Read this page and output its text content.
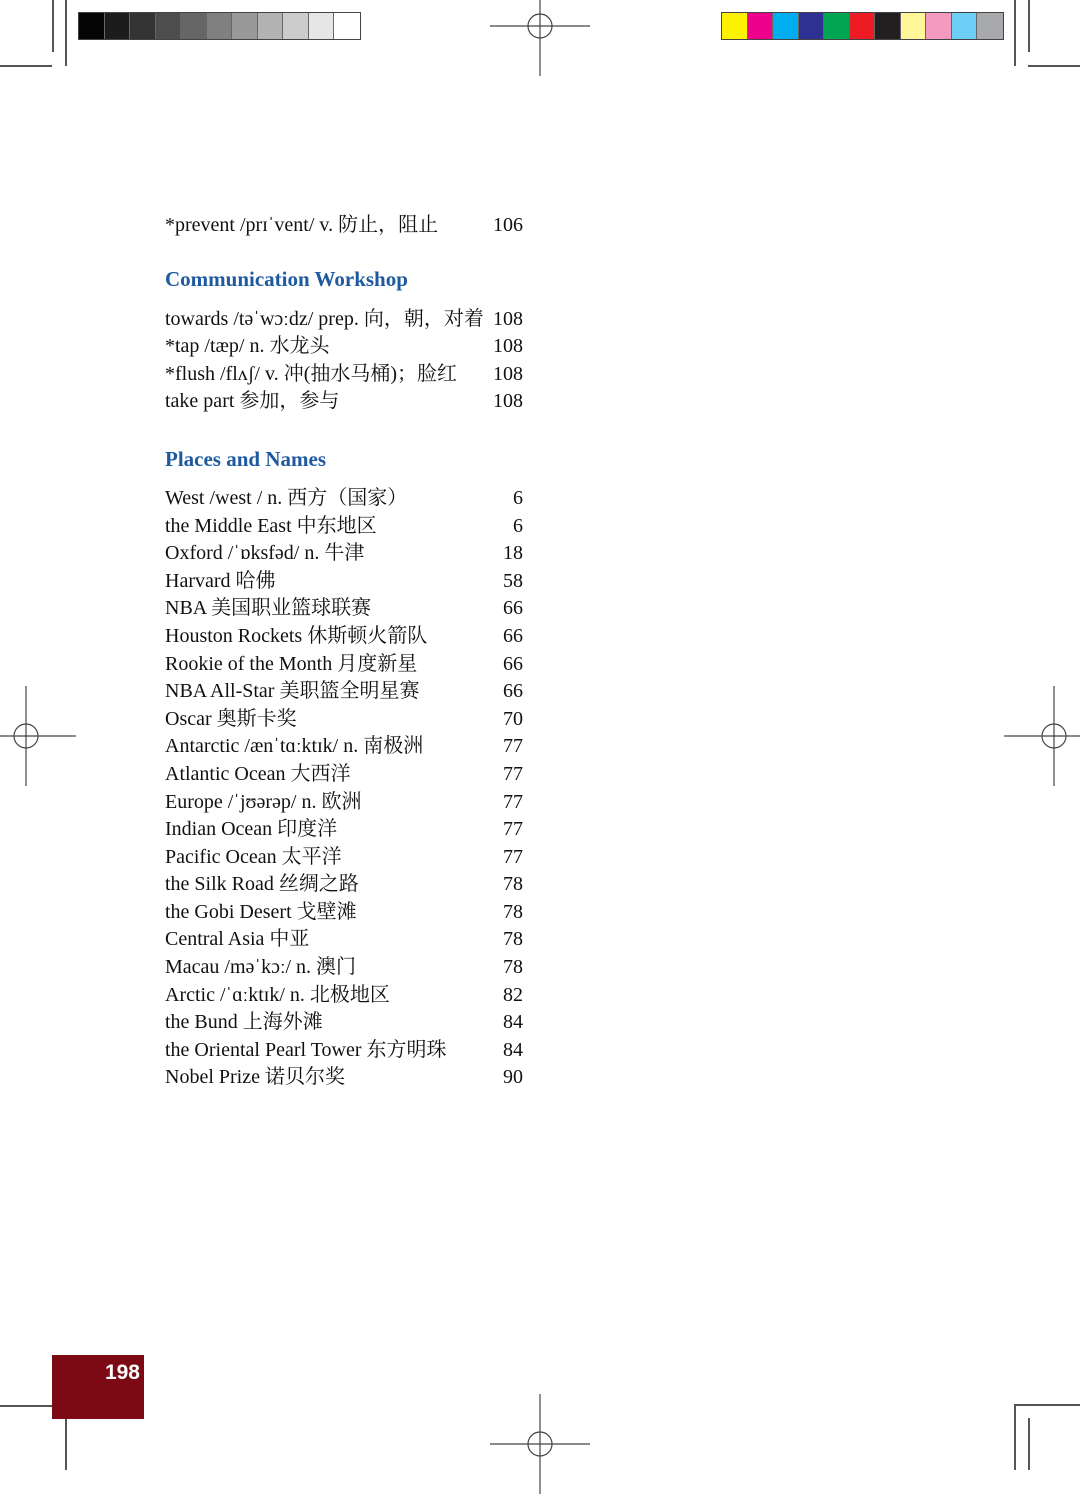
*prevent /prɪˈvent/ v. 防止，阻止	106
Communication Workshop
towards /təˈwɔːdz/ prep. 向，朝，对着 108
*tap /tæp/ n. 水龙头	108
*flush /flʌʃ/ v. 冲(抽水马桶)；脸红 108
take part 参加，参与	108
Places and Names
West /west / n. 西方（国家）	6
the Middle East 中东地区	6
Oxford /ˈɒksfəd/ n. 牛津	18
Harvard 哈佛	58
NBA 美国职业篮球联赛	66
Houston Rockets 休斯顿火箭队	66
Rookie of the Month 月度新星	66
NBA All-Star 美职篮全明星赛	66
Oscar 奥斯卡奖	70
Antarctic /ænˈtɑːktɪk/ n. 南极洲	77
Atlantic Ocean 大西洋	77
Europe /ˈjʊərəp/ n. 欧洲	77
Indian Ocean 印度洋	77
Pacific Ocean 太平洋	77
the Silk Road 丝绸之路	78
the Gobi Desert 戈壁滩	78
Central Asia 中亚	78
Macau /məˈkɔː/ n. 澳门	78
Arctic /ˈɑːktɪk/ n. 北极地区	82
the Bund 上海外滩	84
the Oriental Pearl Tower 东方明珠	84
Nobel Prize 诺贝尔奖	90
198
